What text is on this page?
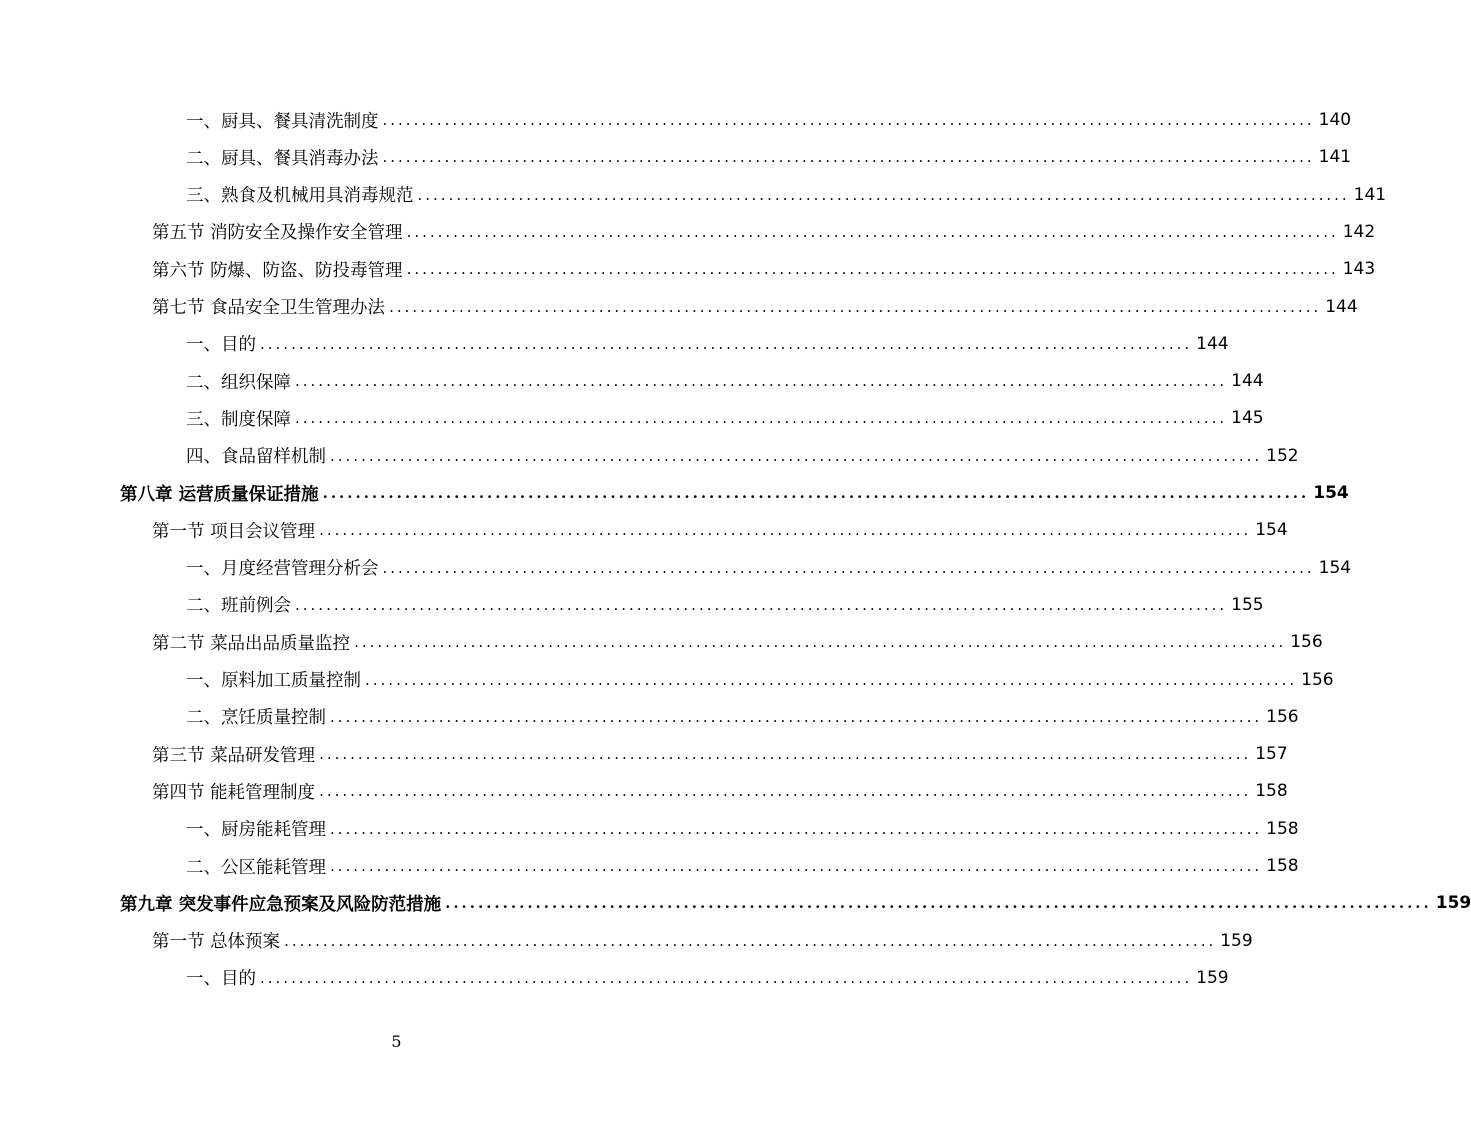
一、厨具、餐具清洗制度 ........................................................................................................................ 140
二、厨具、餐具消毒办法 ........................................................................................................................ 141
三、熟食及机械用具消毒规范 ........................................................................................................................ 141
第五节 消防安全及操作安全管理 ........................................................................................................................ 142
第六节 防爆、防盗、防投毒管理 ........................................................................................................................ 143
第七节 食品安全卫生管理办法 ........................................................................................................................ 144
一、目的 ........................................................................................................................ 144
二、组织保障 ........................................................................................................................ 144
三、制度保障 ........................................................................................................................ 145
四、食品留样机制 ........................................................................................................................ 152
第八章 运营质量保证措施 ........................................................................................................................ 154
第一节 项目会议管理 ........................................................................................................................ 154
一、月度经营管理分析会 ........................................................................................................................ 154
二、班前例会 ........................................................................................................................ 155
第二节 菜品出品质量监控 ........................................................................................................................ 156
一、原料加工质量控制 ........................................................................................................................ 156
二、烹饪质量控制 ........................................................................................................................ 156
第三节 菜品研发管理 ........................................................................................................................ 157
第四节 能耗管理制度 ........................................................................................................................ 158
一、厨房能耗管理 ........................................................................................................................ 158
二、公区能耗管理 ........................................................................................................................ 158
第九章 突发事件应急预案及风险防范措施 ........................................................................................................................ 159
第一节 总体预案 ........................................................................................................................ 159
一、目的 ........................................................................................................................ 159
5
